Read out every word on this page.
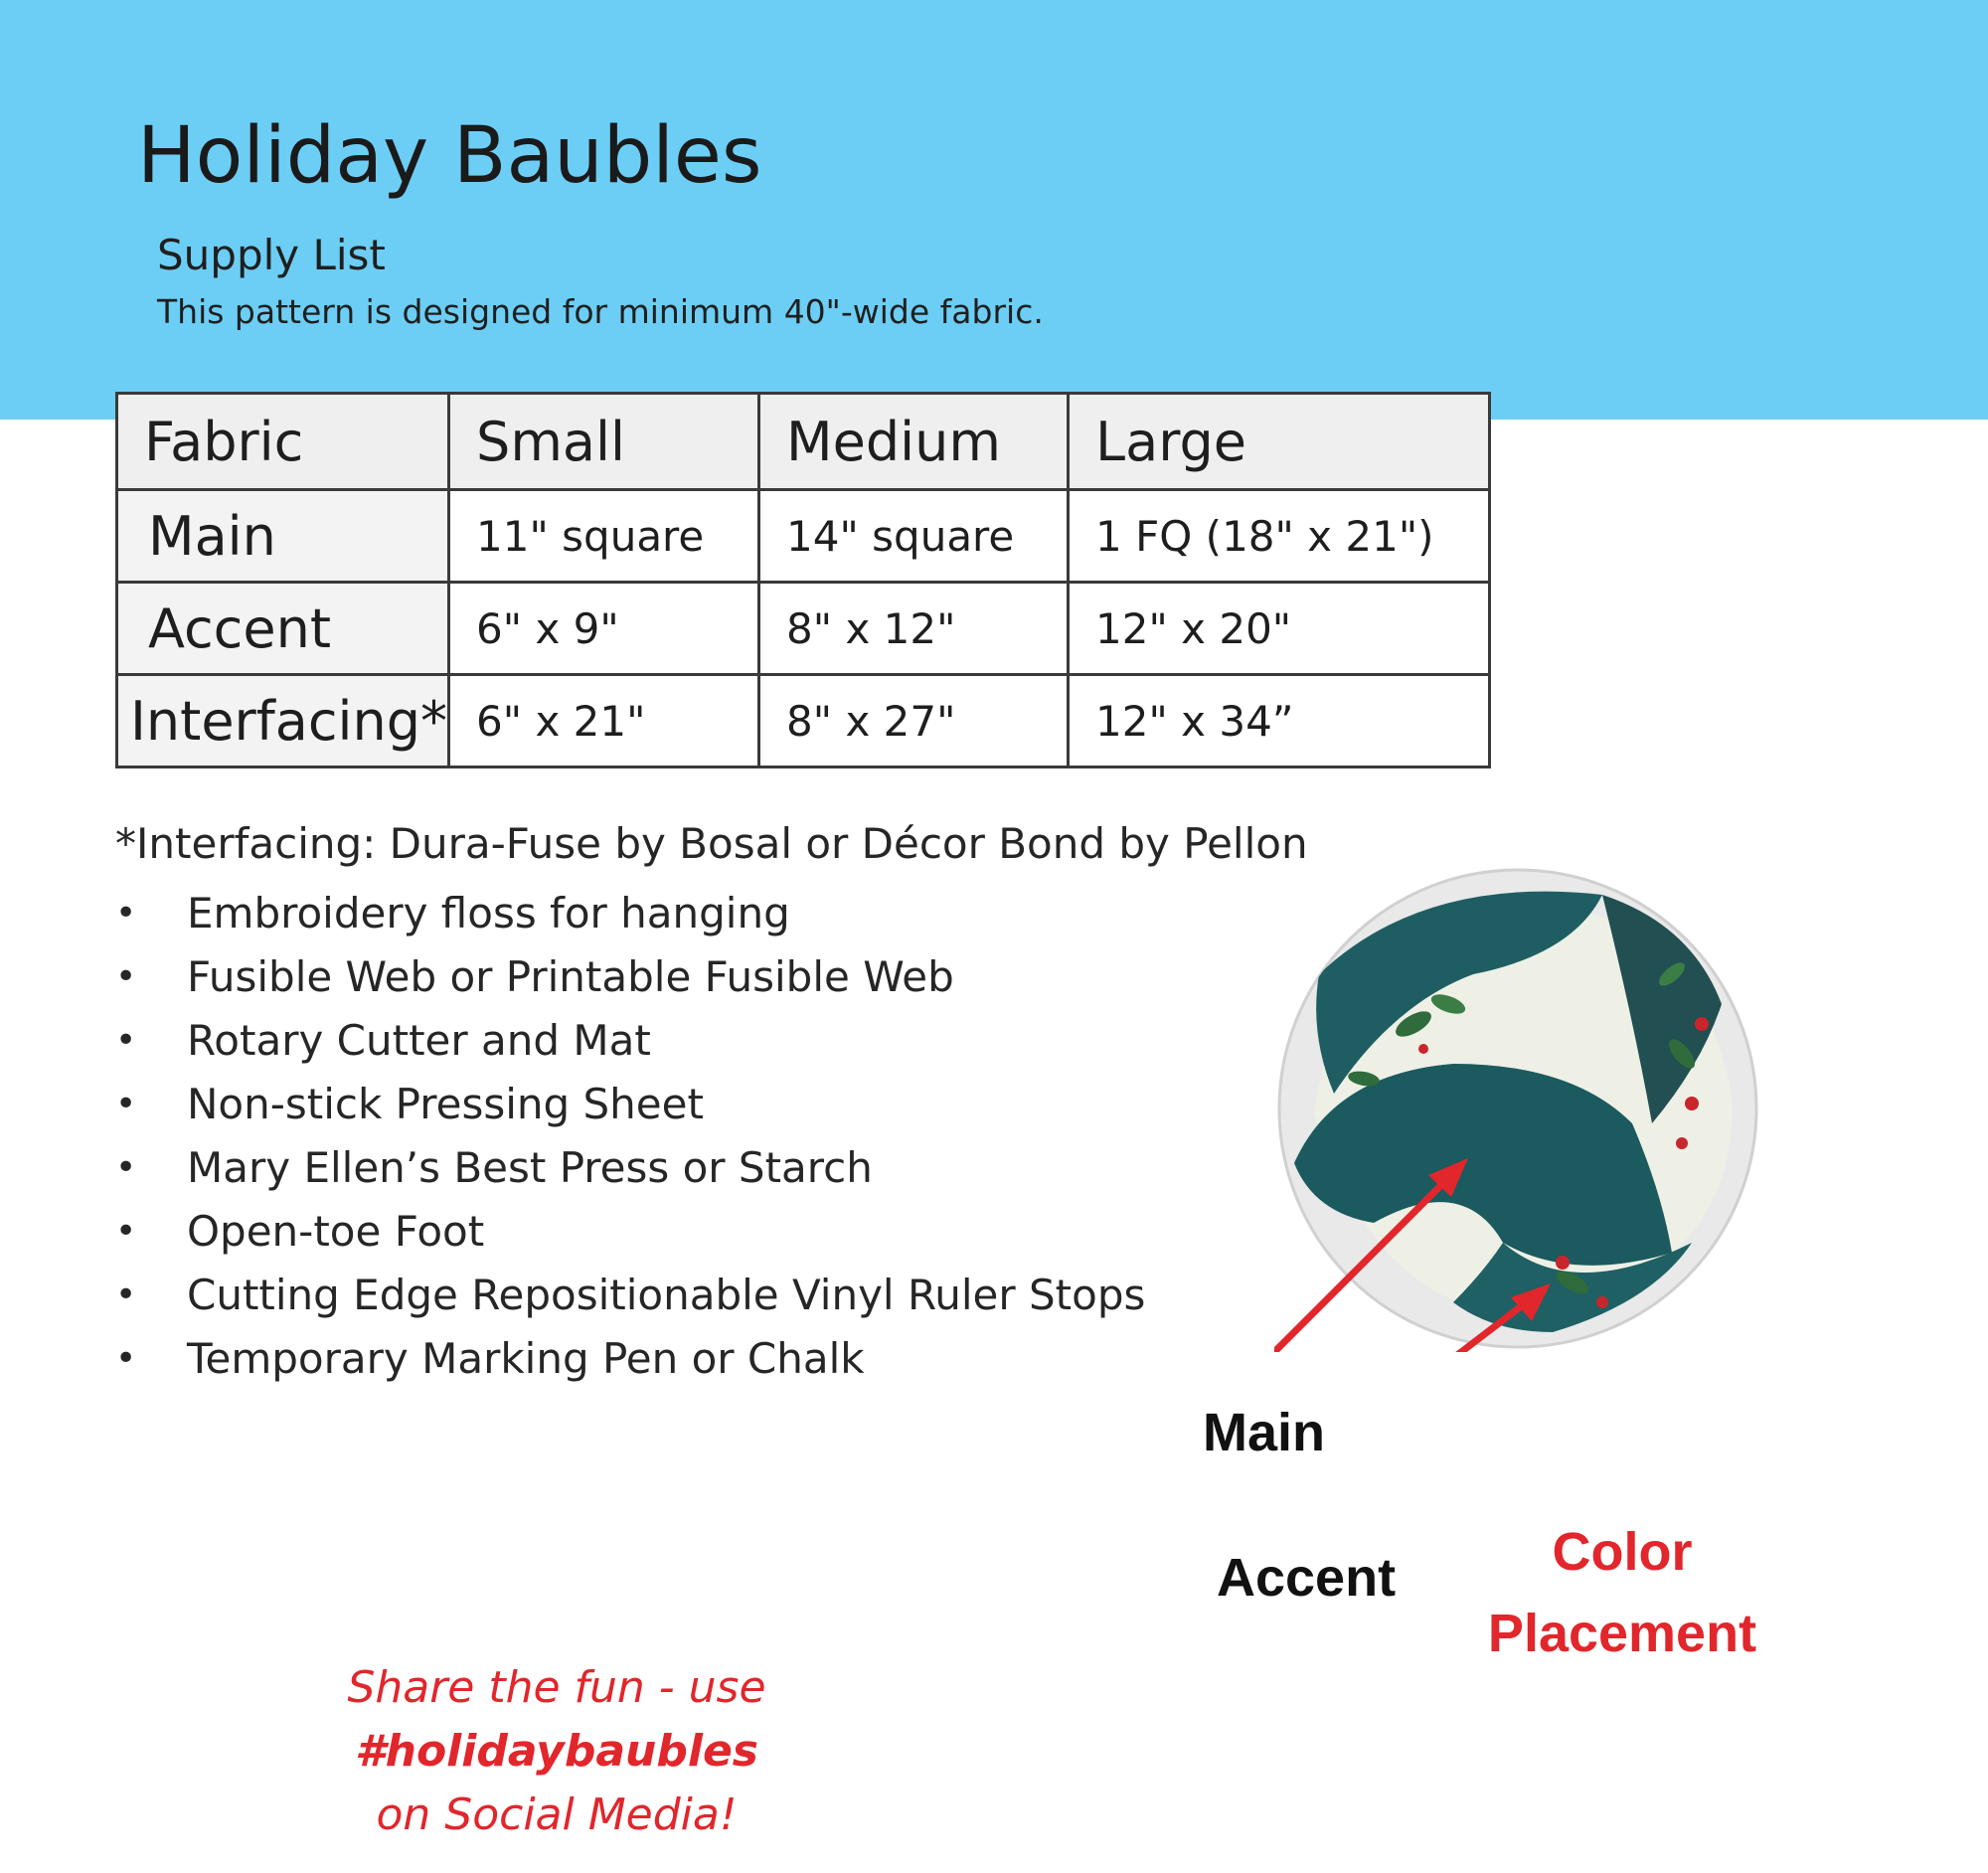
Holiday Baubles
Supply List
This pattern is designed for minimum 40"-wide fabric.
Fabric	Small	Medium	Large
Main	11" square	14" square	1 FQ (18" x 21")
Accent	6" x 9"	8" x 12"	12" x 20"
Interfacing*	6" x 21"	8" x 27"	12" x 34”
*Interfacing: Dura-Fuse by Bosal or Décor Bond by Pellon
•	Embroidery floss for hanging
•	Fusible Web or Printable Fusible Web
•	Rotary Cutter and Mat
•	Non-stick Pressing Sheet
•	Mary Ellen’s Best Press or Starch
•	Open-toe Foot
•	Cutting Edge Repositionable Vinyl Ruler Stops
•	Temporary Marking Pen or Chalk
Main
Accent	Color
Placement
Share the fun - use
#holidaybaubles
on Social Media!
